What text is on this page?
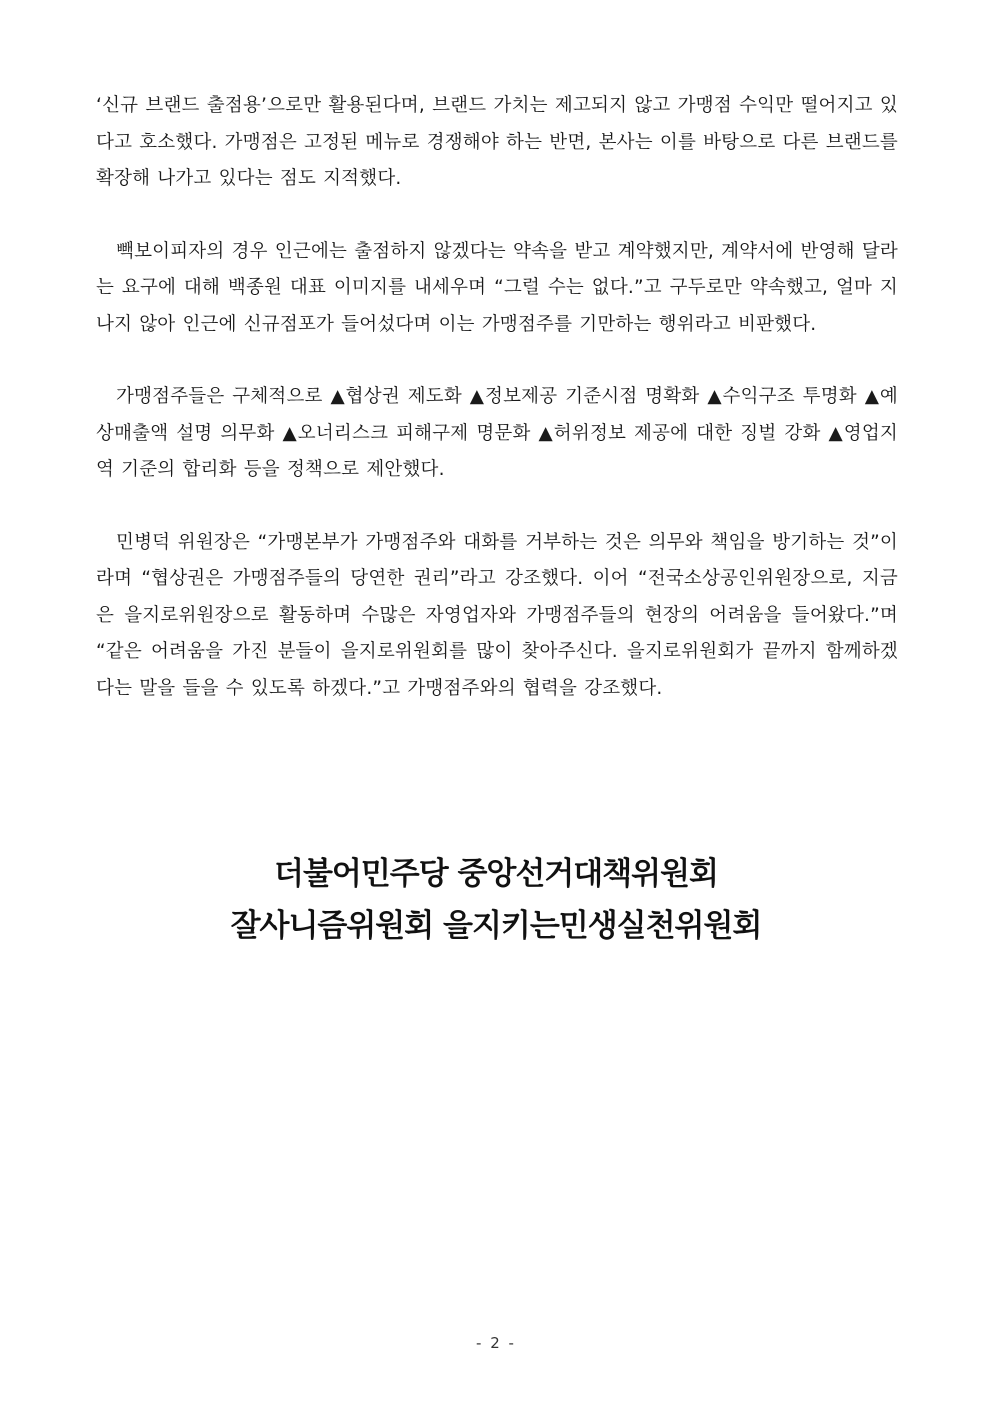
‘신규 브랜드 출점용’으로만 활용된다며, 브랜드 가치는 제고되지 않고 가맹점 수익만 떨어지고 있다고 호소했다. 가맹점은 고정된 메뉴로 경쟁해야 하는 반면, 본사는 이를 바탕으로 다른 브랜드를 확장해 나가고 있다는 점도 지적했다.

빽보이피자의 경우 인근에는 출점하지 않겠다는 약속을 받고 계약했지만, 계약서에 반영해 달라는 요구에 대해 백종원 대표 이미지를 내세우며 “그럴 수는 없다.”고 구두로만 약속했고, 얼마 지나지 않아 인근에 신규점포가 들어섰다며 이는 가맹점주를 기만하는 행위라고 비판했다.

가맹점주들은 구체적으로 ▲협상권 제도화 ▲정보제공 기준시점 명확화 ▲수익구조 투명화 ▲예상매출액 설명 의무화 ▲오너리스크 피해구제 명문화 ▲허위정보 제공에 대한 징벌 강화 ▲영업지역 기준의 합리화 등을 정책으로 제안했다.

민병덕 위원장은 “가맹본부가 가맹점주와 대화를 거부하는 것은 의무와 책임을 방기하는 것”이라며 “협상권은 가맹점주들의 당연한 권리”라고 강조했다. 이어 “전국소상공인위원장으로, 지금은 을지로위원장으로 활동하며 수많은 자영업자와 가맹점주들의 현장의 어려움을 들어왔다.”며 “같은 어려움을 가진 분들이 을지로위원회를 많이 찾아주신다. 을지로위원회가 끝까지 함께하겠다는 말을 들을 수 있도록 하겠다.”고 가맹점주와의 협력을 강조했다.

더불어민주당 중앙선거대책위원회

잘사니즘위원회 을지키는민생실천위원회

- 2 -
